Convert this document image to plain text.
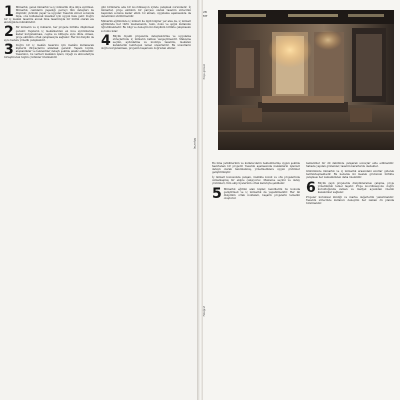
1 Mimarlık, genel mimarlık ve iç mimarlık diye ikiye ayrılmaz. Mimarlık, canlıların yaşadığı çevreyi tüm detayları ile düşünür, çizimini yapar ve uygular. Tasarım süreci sonunda bina, onu kullanacak insanlar için uygun hale gelir. Doğru bir iç mekân tasarımı ancak bina tasarımıyla bir bütün olarak ele alındığında mümkündür.
2 Bir mimarın ve iç mimarın, her projede birlikte düşünmesi gerekir. Yapıların iç mekânlarının en ince ayrıntılarına kadar kurgulanması, cephe ve kütleyle aynı dilde olması, proje ekibinin ortak çalışmasıyla sağlanır. Her iki disiplin de aynı hedefe yönelik çalışmalıdır.
3 Doğru bir iç mekân tasarımı için mekânı kullanacak kişilerin ihtiyaçlarını anlamak gerekir. Yaşam biçimi, alışkanlıklar ve beklentiler detaylı şekilde analiz edilmelidir. Tasarımcı, bu verileri mekânın işlevi, ölçeği ve atmosferiyle birleştirerek özgün çözümler üretmelidir.
gibi birimlerle ada bir koordinasyon içinde çalışmak zorundadır. İç mimarlar, proje ekibinin bir parçası olarak tasarım sürecinin başından sonuna kadar etkin rol almalı, uygulama aşamasında da denetimini sürdürmelidir.
Mimarlık eğitiminde iç mimari ile ilgili bilgiler yer alsa da, iç mimari eğitiminde her türlü malzemenin, renk, doku ve ışığın kullanımı öğretilmektedir. Bu bilgi ve deneyim iki disiplinin birlikte çalışmasını zorunlu kılar.
4 Büyük ölçekli projelerde detaylandırma ve uygulama süreçlerinde iç mimarın katkısı vazgeçilmezdir. Malzeme seçimi, aydınlatma ve mobilya tasarımı, mekânın karakterini belirleyen temel unsurlardır. Bu unsurların doğru kurgulanması, projenin başarısını doğrudan etkiler.
Röportaj
28
MT
Proje görseli
Bu bina yetkililerinin ve kullanıcıların beklentilerine uygun şekilde hazırlanan bir projedir. Tasarım aşamasında mekânların işlevleri detaylı olarak tanımlanmış, yönetmeliklere uygun çözümler geliştirilmiştir.
İç mimari konusunda çalışan, özellikle konut ve ofis projelerinde uzmanlaşmış bir ekiple çalışıyoruz. Malzeme seçimi ve detay çözümleri, tüm ekip üyelerinin ortak kararıyla şekillenir.
5 Mimarlık eğitimi alan kişiler, kendilerini bu konuda geliştirmeli ve iç mimarlık da yapabilmelidir. Her iki disiplinin ortak noktaları, başarılı projelerin temelini oluşturur.
beklentiler bir dil dahilinde çalışarak sonuçlar elde edilmelidir. Sahada yapılan gözlemler, tasarım kararlarını destekler.
Günümüzde mimarlık ve iç mimarlık arasındaki sınırlar giderek belirsizleşmektedir. Bu nedenle iki meslek grubunun birlikte çalışması her zamankinden daha önemlidir.
6 Büyük çaplı projelerde disiplinlerarası çalışma, proje yönetiminin temel taşıdır. Proje koordinasyonu doğru kurulduğunda zaman ve maliyet açısından önemli kazanımlar sağlanır.
Projeler kurumsal kimliği ve marka değerlerini yansıtmalıdır. Tasarım sürecinde kullanıcı deneyimi her zaman ön planda tutulmalıdır.
Fotoğraf
